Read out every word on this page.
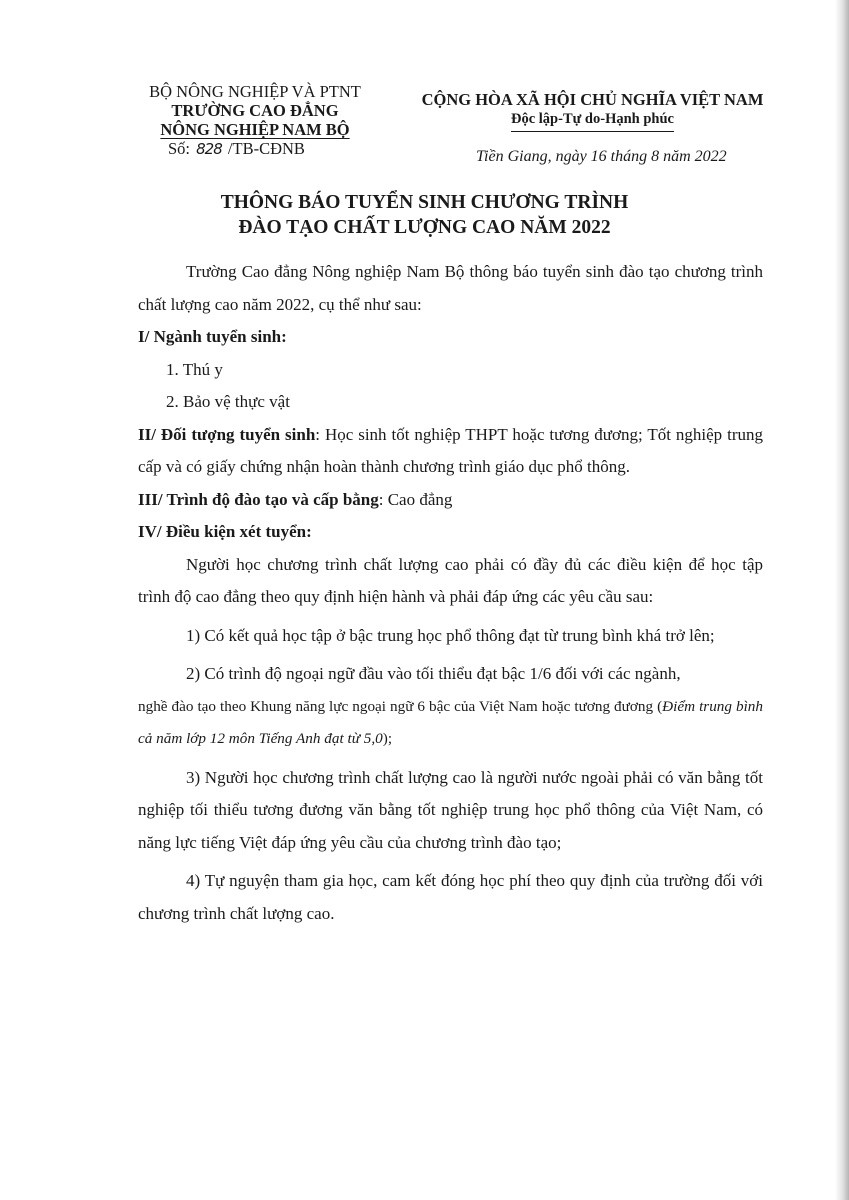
BỘ NÔNG NGHIỆP VÀ PTNT
TRƯỜNG CAO ĐẲNG
NÔNG NGHIỆP NAM BỘ
Số: 828 /TB-CĐNB
CỘNG HÒA XÃ HỘI CHỦ NGHĨA VIỆT NAM
Độc lập-Tự do-Hạnh phúc
Tiền Giang, ngày 16 tháng 8 năm 2022
THÔNG BÁO TUYỂN SINH CHƯƠNG TRÌNH
ĐÀO TẠO CHẤT LƯỢNG CAO NĂM 2022

Trường Cao đẳng Nông nghiệp Nam Bộ thông báo tuyển sinh đào tạo chương trình chất lượng cao năm 2022, cụ thể như sau:

I/ Ngành tuyển sinh:

1. Thú y

2. Bảo vệ thực vật

II/ Đối tượng tuyển sinh: Học sinh tốt nghiệp THPT hoặc tương đương; Tốt nghiệp trung cấp và có giấy chứng nhận hoàn thành chương trình giáo dục phổ thông.

III/ Trình độ đào tạo và cấp bằng: Cao đẳng

IV/ Điều kiện xét tuyển:

Người học chương trình chất lượng cao phải có đầy đủ các điều kiện để học tập trình độ cao đẳng theo quy định hiện hành và phải đáp ứng các yêu cầu sau:

1) Có kết quả học tập ở bậc trung học phổ thông đạt từ trung bình khá trở lên;

2) Có trình độ ngoại ngữ đầu vào tối thiểu đạt bậc 1/6 đối với các ngành,

nghề đào tạo theo Khung năng lực ngoại ngữ 6 bậc của Việt Nam hoặc tương đương (Điểm trung bình cả năm lớp 12 môn Tiếng Anh đạt từ 5,0);

3) Người học chương trình chất lượng cao là người nước ngoài phải có văn bằng tốt nghiệp tối thiểu tương đương văn bằng tốt nghiệp trung học phổ thông của Việt Nam, có năng lực tiếng Việt đáp ứng yêu cầu của chương trình đào tạo;

4) Tự nguyện tham gia học, cam kết đóng học phí theo quy định của trường đối với chương trình chất lượng cao.
